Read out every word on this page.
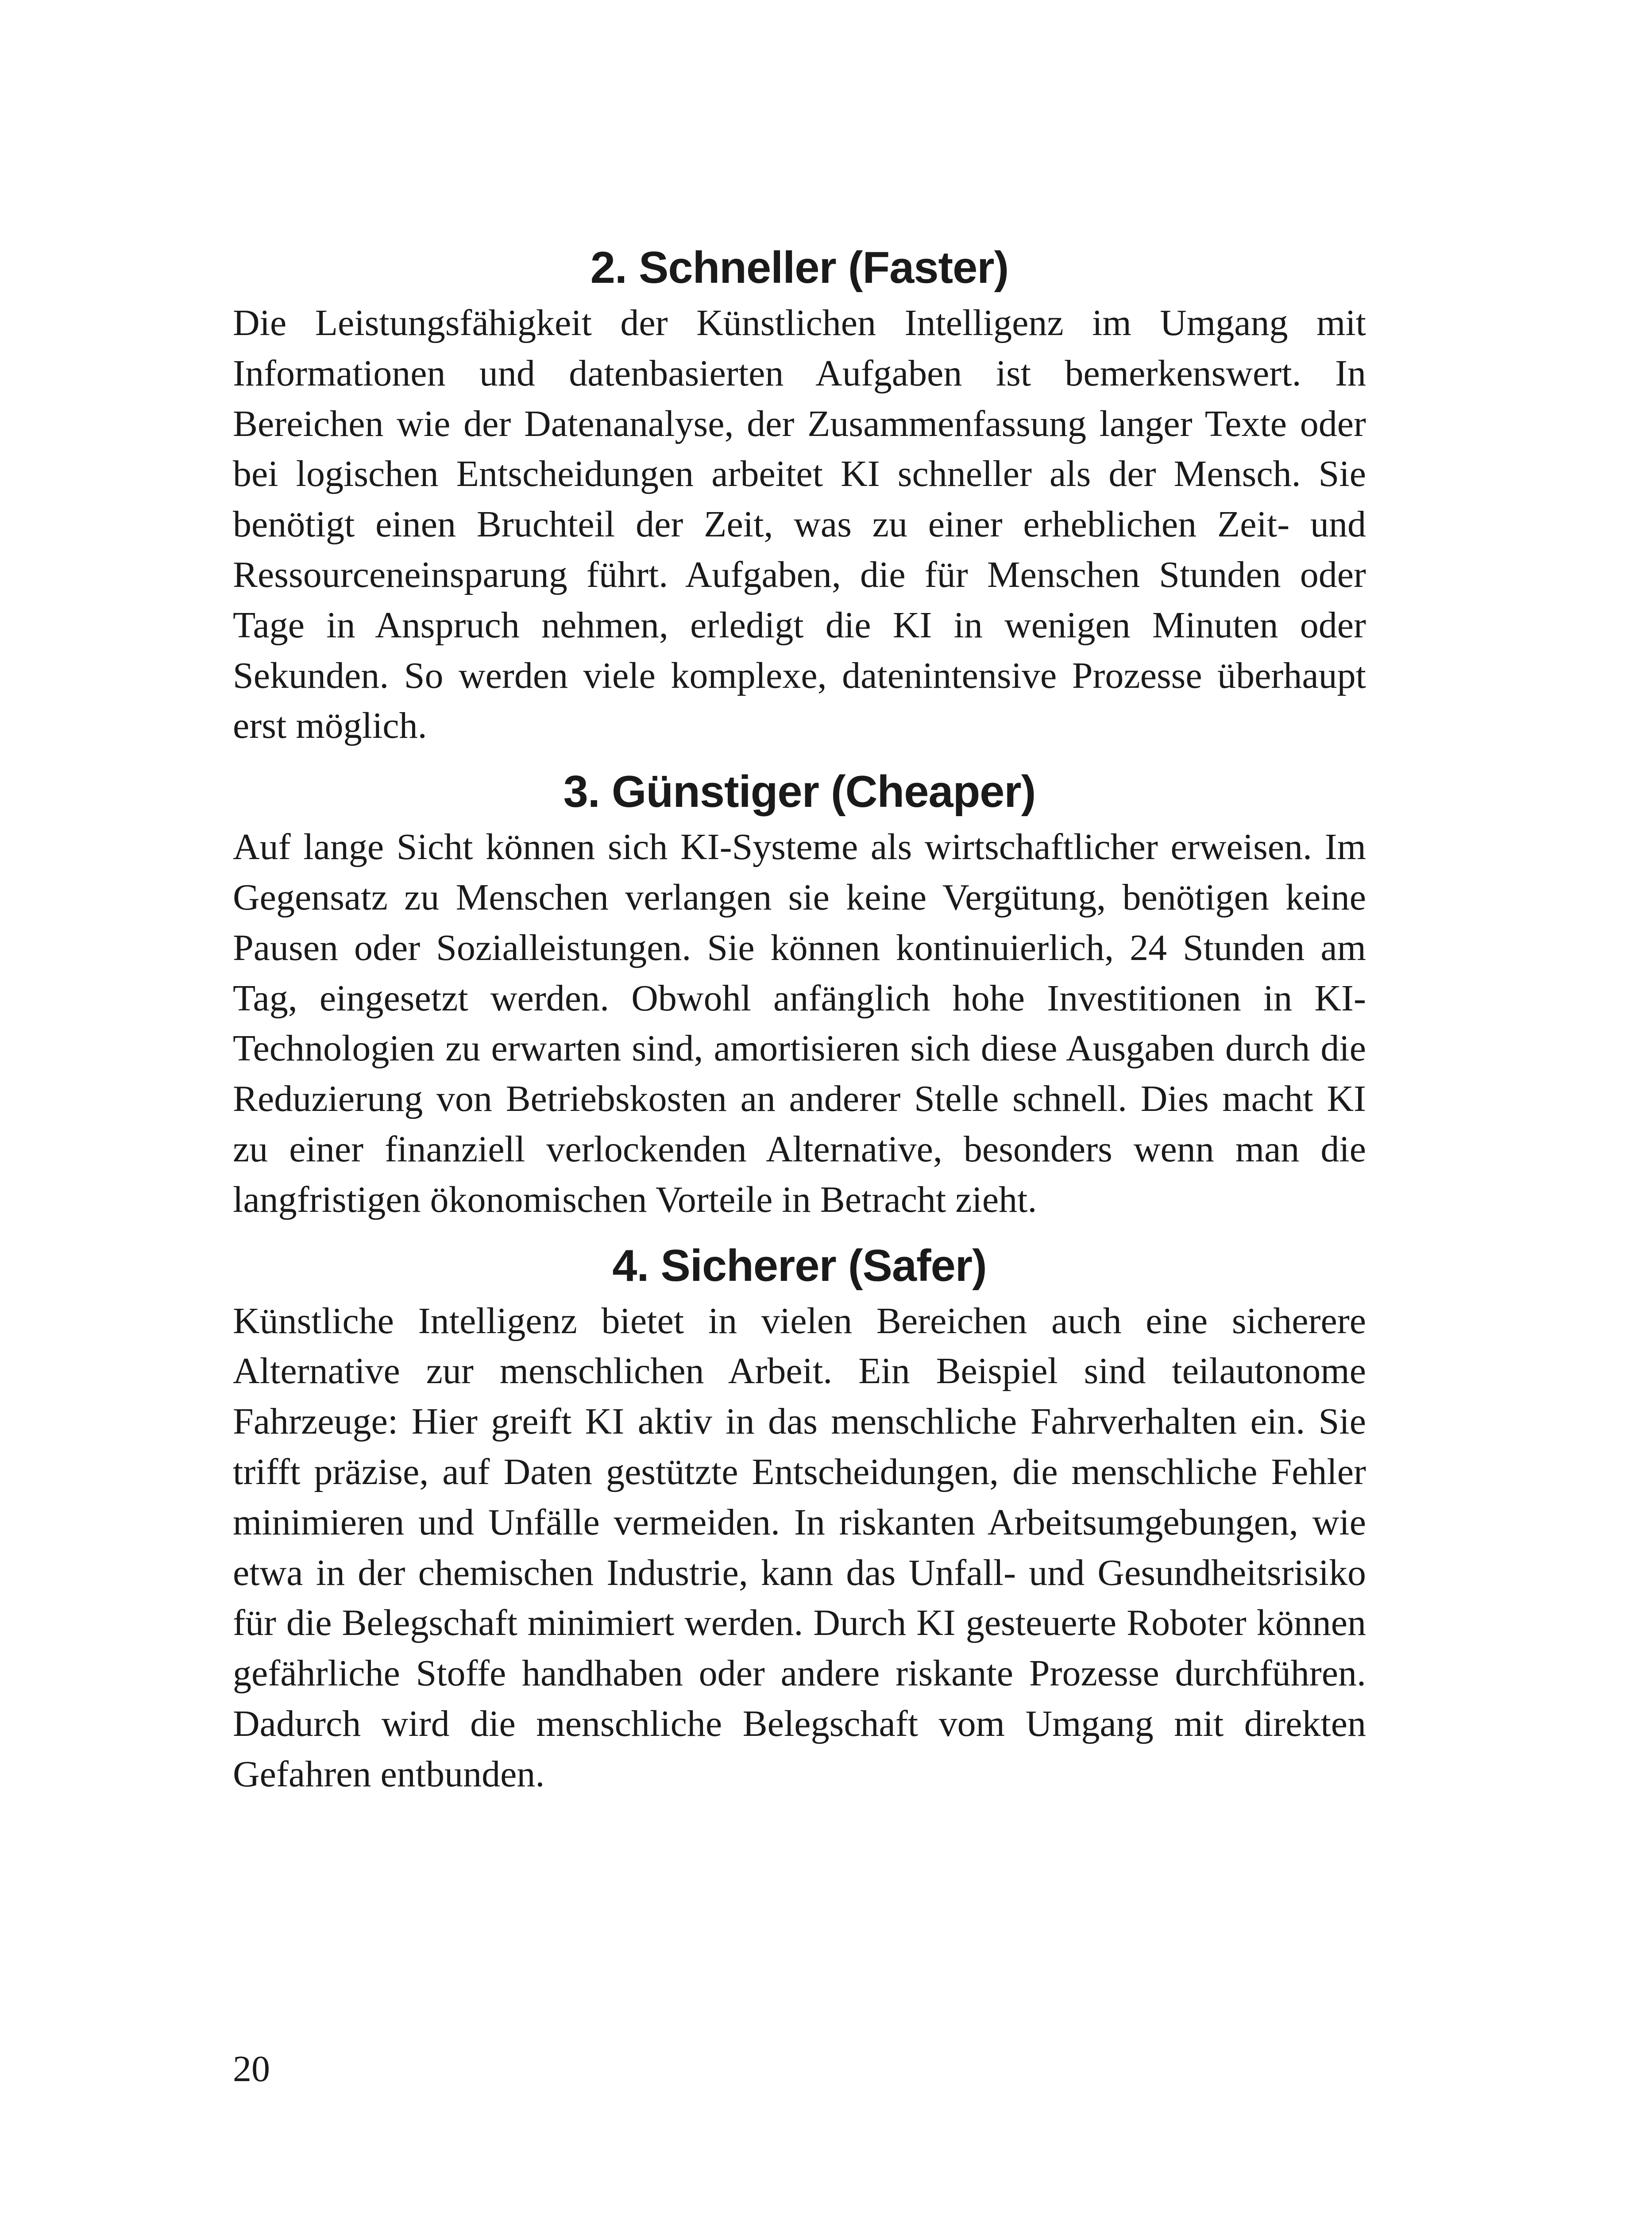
2. Schneller (Faster)

Die Leistungsfähigkeit der Künstlichen Intelligenz im Umgang mit Informationen und datenbasierten Aufgaben ist bemerkenswert. In Bereichen wie der Datenanalyse, der Zusammenfassung langer Texte oder bei logischen Entscheidungen arbeitet KI schneller als der Mensch. Sie benötigt einen Bruchteil der Zeit, was zu einer erheblichen Zeit- und Ressourceneinsparung führt. Aufgaben, die für Menschen Stunden oder Tage in Anspruch nehmen, erledigt die KI in wenigen Minuten oder Sekunden. So werden viele komplexe, datenintensive Prozesse überhaupt erst möglich.

3. Günstiger (Cheaper)

Auf lange Sicht können sich KI-Systeme als wirtschaftlicher erweisen. Im Gegensatz zu Menschen verlangen sie keine Vergütung, benötigen keine Pausen oder Sozialleistungen. Sie können kontinuierlich, 24 Stunden am Tag, eingesetzt werden. Obwohl anfänglich hohe Investitionen in KI-Technologien zu erwarten sind, amortisieren sich diese Ausgaben durch die Reduzierung von Betriebskosten an anderer Stelle schnell. Dies macht KI zu einer finanziell verlockenden Alternative, besonders wenn man die langfristigen ökonomischen Vorteile in Betracht zieht.

4. Sicherer (Safer)

Künstliche Intelligenz bietet in vielen Bereichen auch eine sicherere Alternative zur menschlichen Arbeit. Ein Beispiel sind teilautonome Fahrzeuge: Hier greift KI aktiv in das menschliche Fahrverhalten ein. Sie trifft präzise, auf Daten gestützte Entscheidungen, die menschliche Fehler minimieren und Unfälle vermeiden. In riskanten Arbeitsumgebungen, wie etwa in der chemischen Industrie, kann das Unfall- und Gesundheitsrisiko für die Belegschaft minimiert werden. Durch KI gesteuerte Roboter können gefährliche Stoffe handhaben oder andere riskante Prozesse durchführen. Dadurch wird die menschliche Belegschaft vom Umgang mit direkten Gefahren entbunden.

20
